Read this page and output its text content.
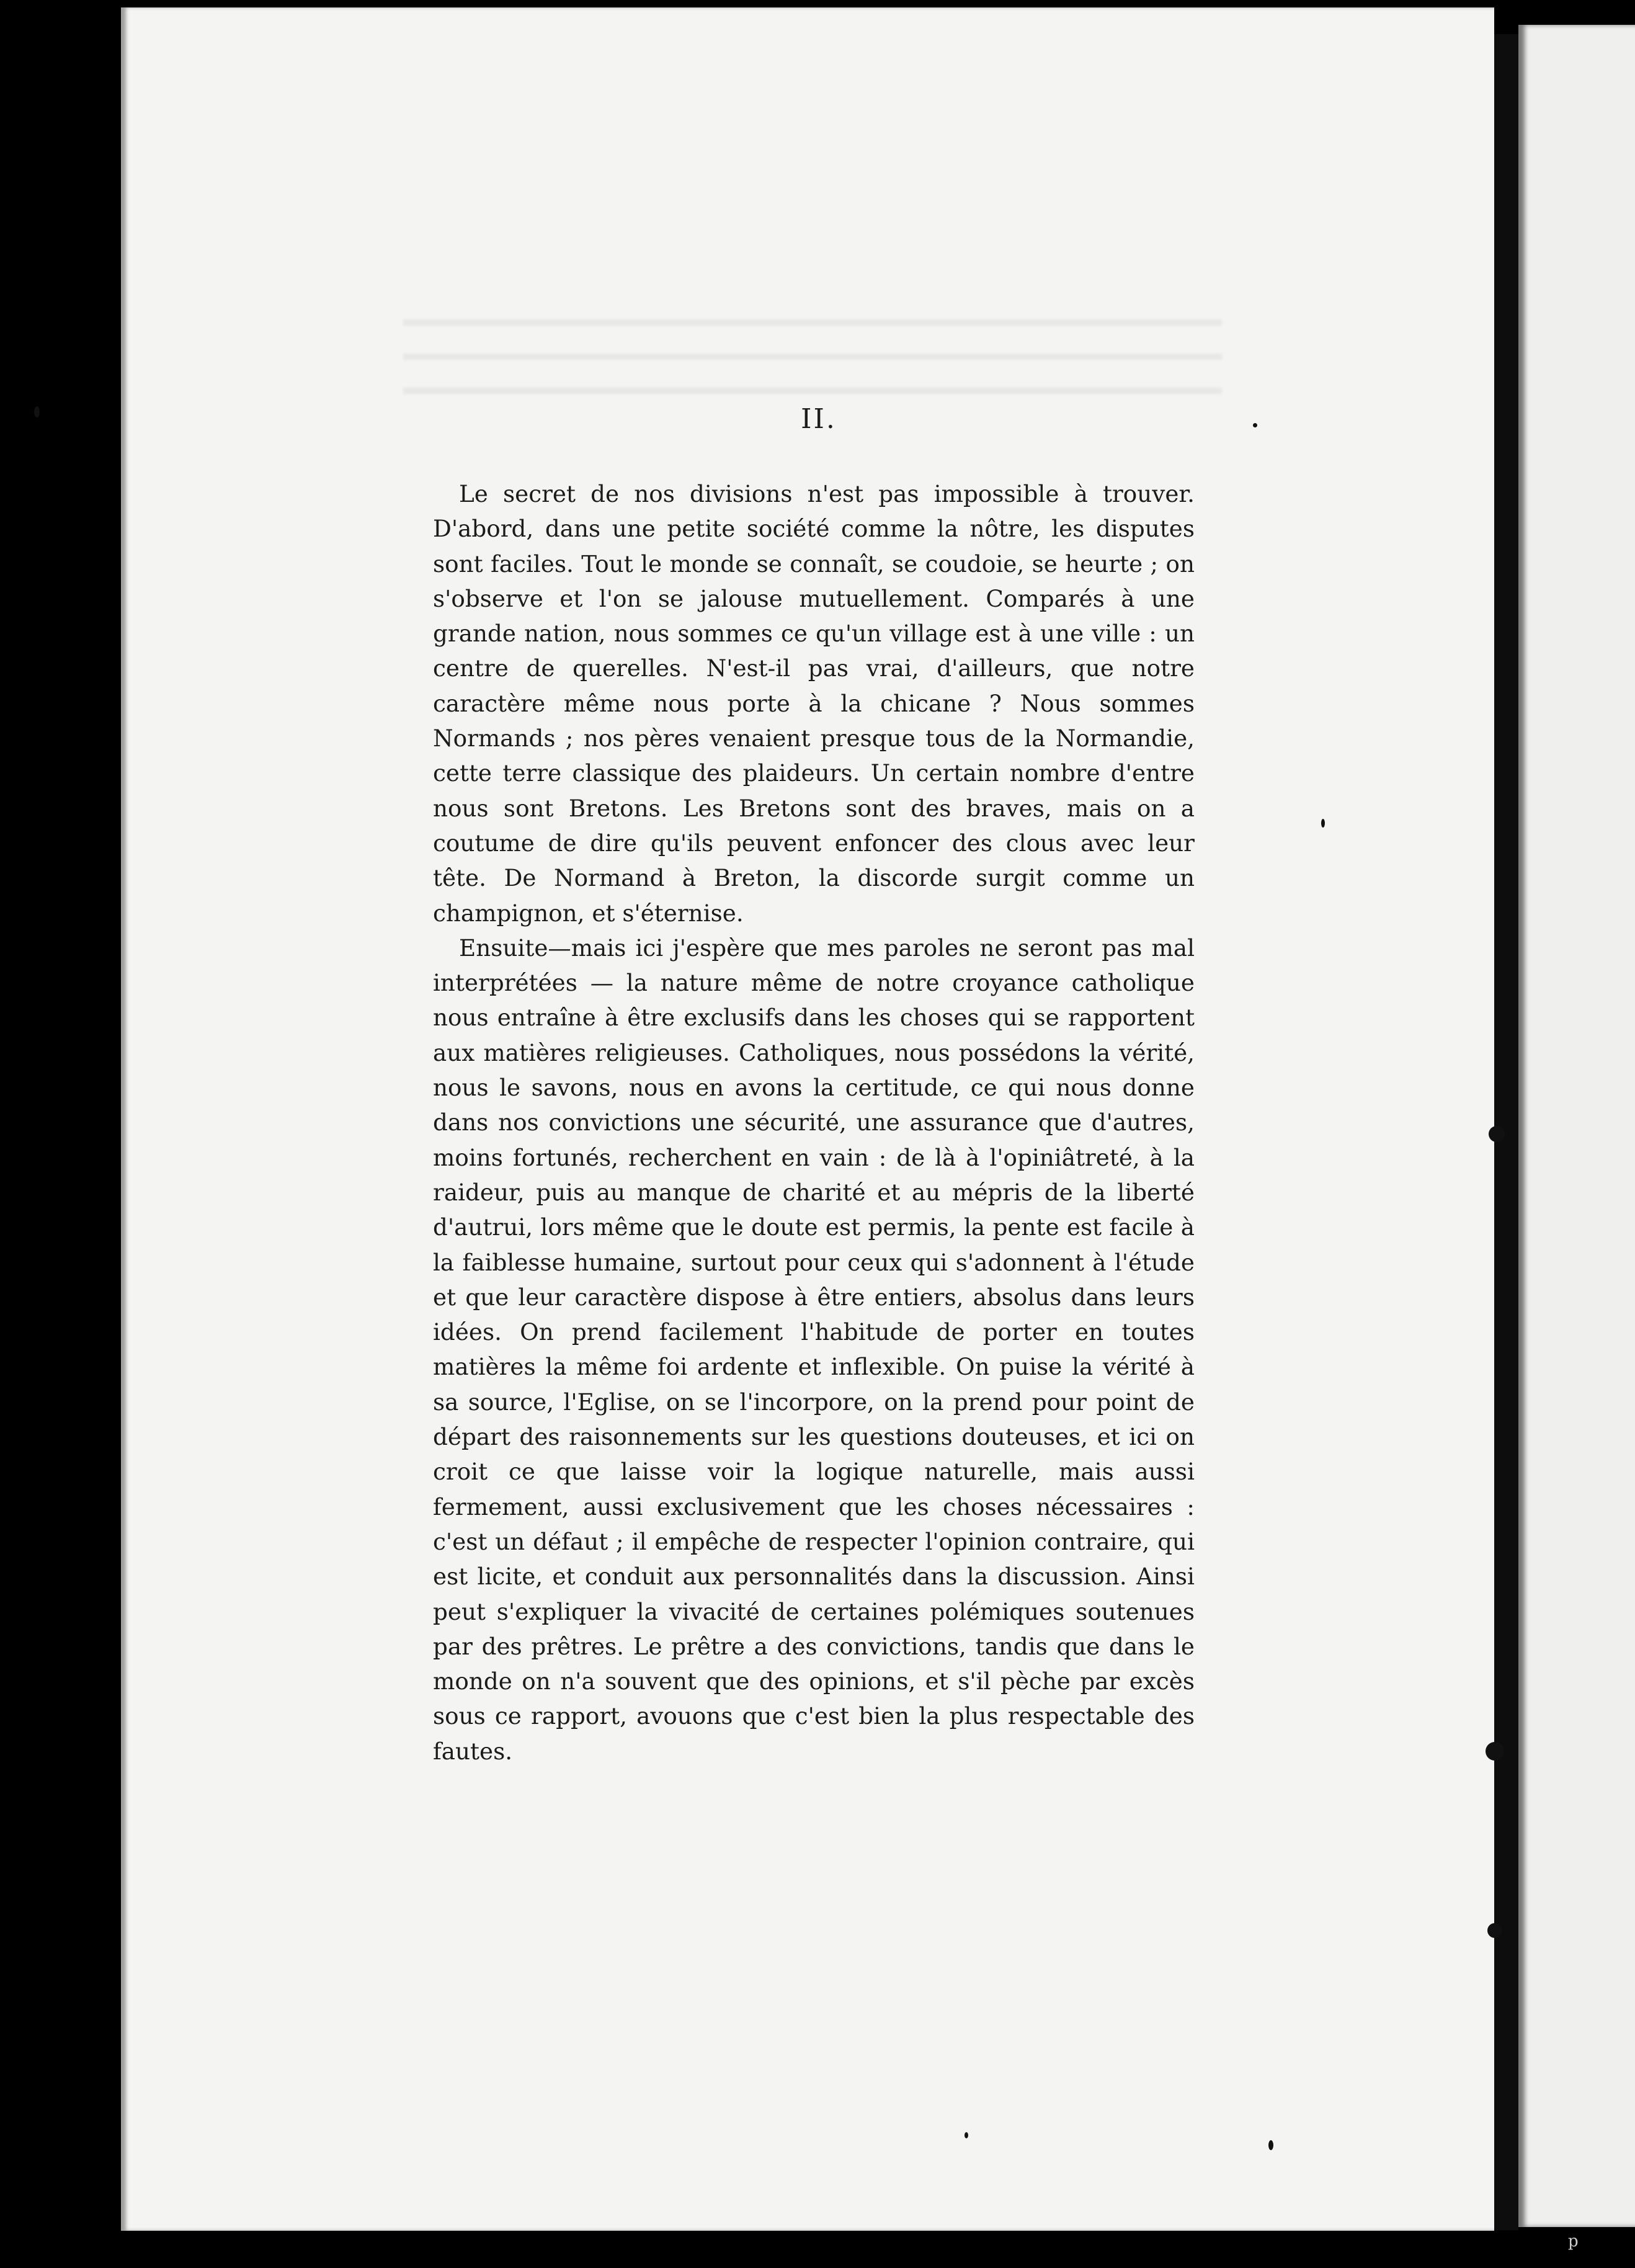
II.

Le secret de nos divisions n'est pas impossible à trouver. D'abord, dans une petite société comme la nôtre, les disputes sont faciles. Tout le monde se connaît, se coudoie, se heurte ; on s'observe et l'on se jalouse mutuellement. Comparés à une grande nation, nous sommes ce qu'un village est à une ville : un centre de querelles. N'est-il pas vrai, d'ailleurs, que notre caractère même nous porte à la chicane ? Nous sommes Normands ; nos pères venaient presque tous de la Normandie, cette terre classique des plaideurs. Un certain nombre d'entre nous sont Bretons. Les Bretons sont des braves, mais on a coutume de dire qu'ils peuvent enfoncer des clous avec leur tête. De Normand à Breton, la discorde surgit comme un champignon, et s'éternise.

Ensuite—mais ici j'espère que mes paroles ne seront pas mal interprétées — la nature même de notre croyance catholique nous entraîne à être exclusifs dans les choses qui se rapportent aux matières religieuses. Catholiques, nous possédons la vérité, nous le savons, nous en avons la certitude, ce qui nous donne dans nos convictions une sécurité, une assurance que d'autres, moins fortunés, recherchent en vain : de là à l'opiniâtreté, à la raideur, puis au manque de charité et au mépris de la liberté d'autrui, lors même que le doute est permis, la pente est facile à la faiblesse humaine, surtout pour ceux qui s'adonnent à l'étude et que leur caractère dispose à être entiers, absolus dans leurs idées. On prend facilement l'habitude de porter en toutes matières la même foi ardente et inflexible. On puise la vérité à sa source, l'Eglise, on se l'incorpore, on la prend pour point de départ des raisonnements sur les questions douteuses, et ici on croit ce que laisse voir la logique naturelle, mais aussi fermement, aussi exclusivement que les choses nécessaires : c'est un défaut ; il empêche de respecter l'opinion contraire, qui est licite, et conduit aux personnalités dans la discussion. Ainsi peut s'expliquer la vivacité de certaines polémiques soutenues par des prêtres. Le prêtre a des convictions, tandis que dans le monde on n'a souvent que des opinions, et s'il pèche par excès sous ce rapport, avouons que c'est bien la plus respectable des fautes.

p
